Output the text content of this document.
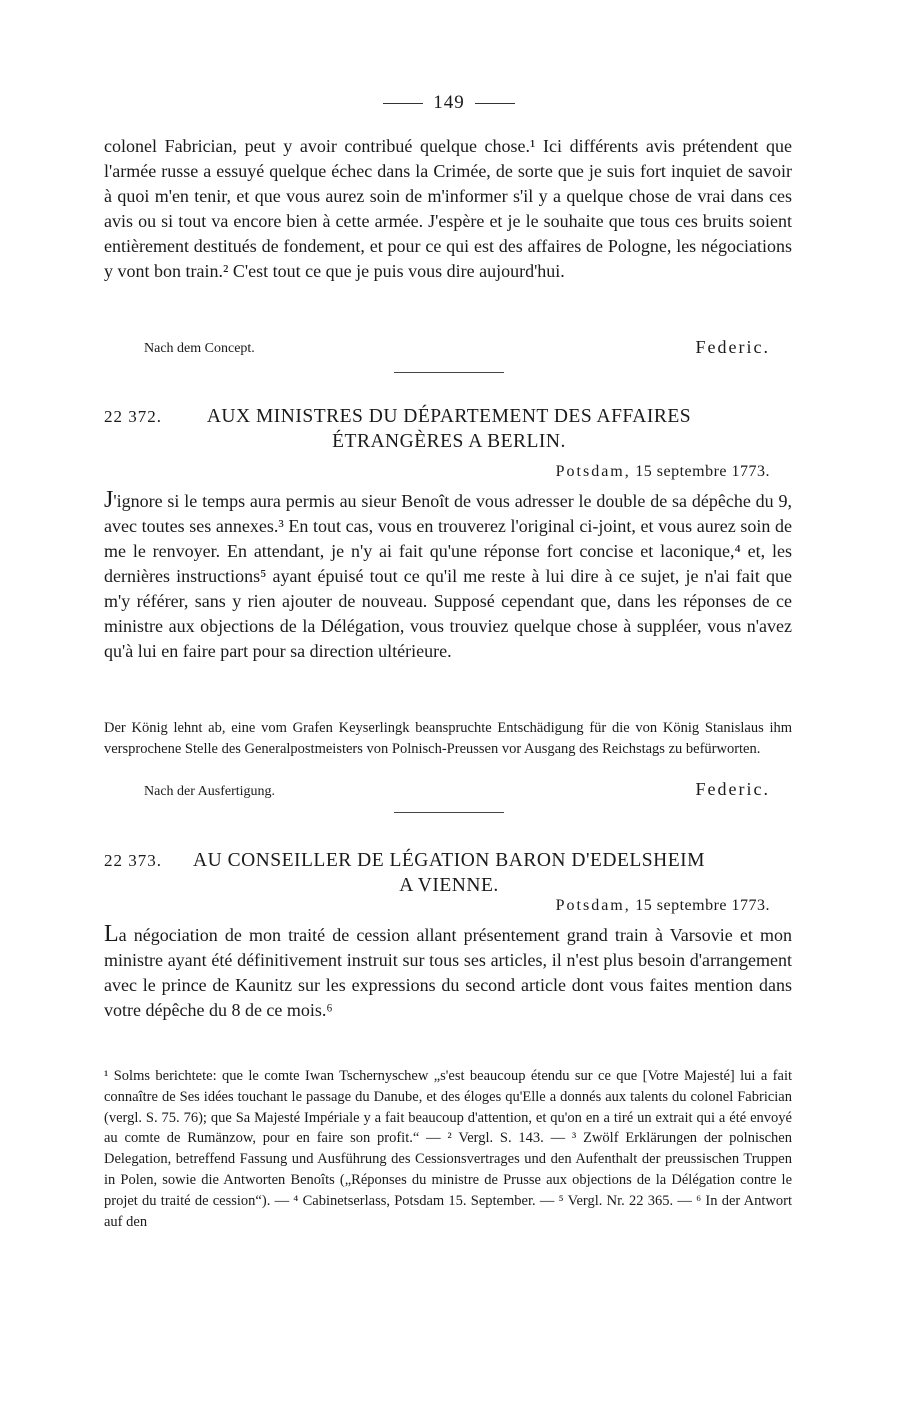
149

colonel Fabrician, peut y avoir contribué quelque chose.¹ Ici différents avis prétendent que l'armée russe a essuyé quelque échec dans la Crimée, de sorte que je suis fort inquiet de savoir à quoi m'en tenir, et que vous aurez soin de m'informer s'il y a quelque chose de vrai dans ces avis ou si tout va encore bien à cette armée. J'espère et je le souhaite que tous ces bruits soient entièrement destitués de fondement, et pour ce qui est des affaires de Pologne, les négociations y vont bon train.² C'est tout ce que je puis vous dire aujourd'hui.

Nach dem Concept.	Federic.
22 372.	AUX MINISTRES DU DÉPARTEMENT DES AFFAIRES
ÉTRANGÈRES A BERLIN.
Potsdam, 15 septembre 1773.

J'ignore si le temps aura permis au sieur Benoît de vous adresser le double de sa dépêche du 9, avec toutes ses annexes.³ En tout cas, vous en trouverez l'original ci-joint, et vous aurez soin de me le renvoyer. En attendant, je n'y ai fait qu'une réponse fort concise et laconique,⁴ et, les dernières instructions⁵ ayant épuisé tout ce qu'il me reste à lui dire à ce sujet, je n'ai fait que m'y référer, sans y rien ajouter de nouveau. Supposé cependant que, dans les réponses de ce ministre aux objections de la Délégation, vous trouviez quelque chose à suppléer, vous n'avez qu'à lui en faire part pour sa direction ultérieure.

Der König lehnt ab, eine vom Grafen Keyserlingk beanspruchte Entschädigung für die von König Stanislaus ihm versprochene Stelle des Generalpostmeisters von Polnisch-Preussen vor Ausgang des Reichstags zu befürworten.

Nach der Ausfertigung.	Federic.
22 373.	AU CONSEILLER DE LÉGATION BARON D'EDELSHEIM
A VIENNE.
Potsdam, 15 septembre 1773.

La négociation de mon traité de cession allant présentement grand train à Varsovie et mon ministre ayant été définitivement instruit sur tous ses articles, il n'est plus besoin d'arrangement avec le prince de Kaunitz sur les expressions du second article dont vous faites mention dans votre dépêche du 8 de ce mois.⁶

¹ Solms berichtete: que le comte Iwan Tschernyschew „s'est beaucoup étendu sur ce que [Votre Majesté] lui a fait connaître de Ses idées touchant le passage du Danube, et des éloges qu'Elle a donnés aux talents du colonel Fabrician (vergl. S. 75. 76); que Sa Majesté Impériale y a fait beaucoup d'attention, et qu'on en a tiré un extrait qui a été envoyé au comte de Rumänzow, pour en faire son profit.“ — ² Vergl. S. 143. — ³ Zwölf Erklärungen der polnischen Delegation, betreffend Fassung und Ausführung des Cessionsvertrages und den Aufenthalt der preussischen Truppen in Polen, sowie die Antworten Benoîts („Réponses du ministre de Prusse aux objections de la Délégation contre le projet du traité de cession“). — ⁴ Cabinetserlass, Potsdam 15. September. — ⁵ Vergl. Nr. 22 365. — ⁶ In der Antwort auf den
